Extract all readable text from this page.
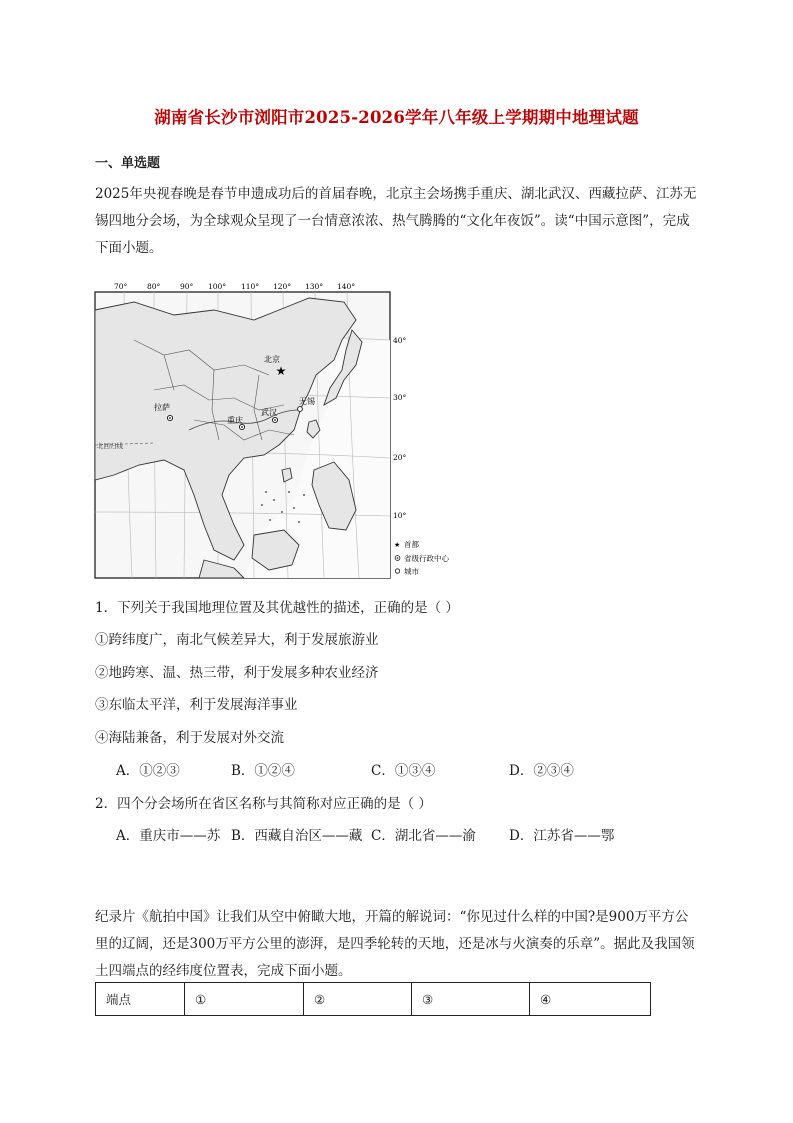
湖南省长沙市浏阳市2025-2026学年八年级上学期期中地理试题
一、单选题
2025年央视春晚是春节申遗成功后的首届春晚，北京主会场携手重庆、湖北武汉、西藏拉萨、江苏无锡四地分会场，为全球观众呈现了一台情意浓浓、热气腾腾的“文化年夜饭”。读“中国示意图”，完成下面小题。
70°	80°	90° 100° 110° 120° 130° 140°
40°
30°
20°
10°
★
北京
拉萨
重庆
武汉
无锡
北回归线
★ 首都
省级行政中心
城市
1．下列关于我国地理位置及其优越性的描述，正确的是（ ）
①跨纬度广，南北气候差异大，利于发展旅游业
②地跨寒、温、热三带，利于发展多种农业经济
③东临太平洋，利于发展海洋事业
④海陆兼备，利于发展对外交流
A．①②③	B．①②④	C．①③④	D．②③④
2．四个分会场所在省区名称与其简称对应正确的是（ ）
A．重庆市——苏 B．西藏自治区——藏 C．湖北省——渝 D．江苏省——鄂
纪录片《航拍中国》让我们从空中俯瞰大地，开篇的解说词：“你见过什么样的中国?是900万平方公里的辽阔，还是300万平方公里的澎湃，是四季轮转的天地，还是冰与火演奏的乐章”。据此及我国领土四端点的经纬度位置表，完成下面小题。
端点	①	②	③	④
